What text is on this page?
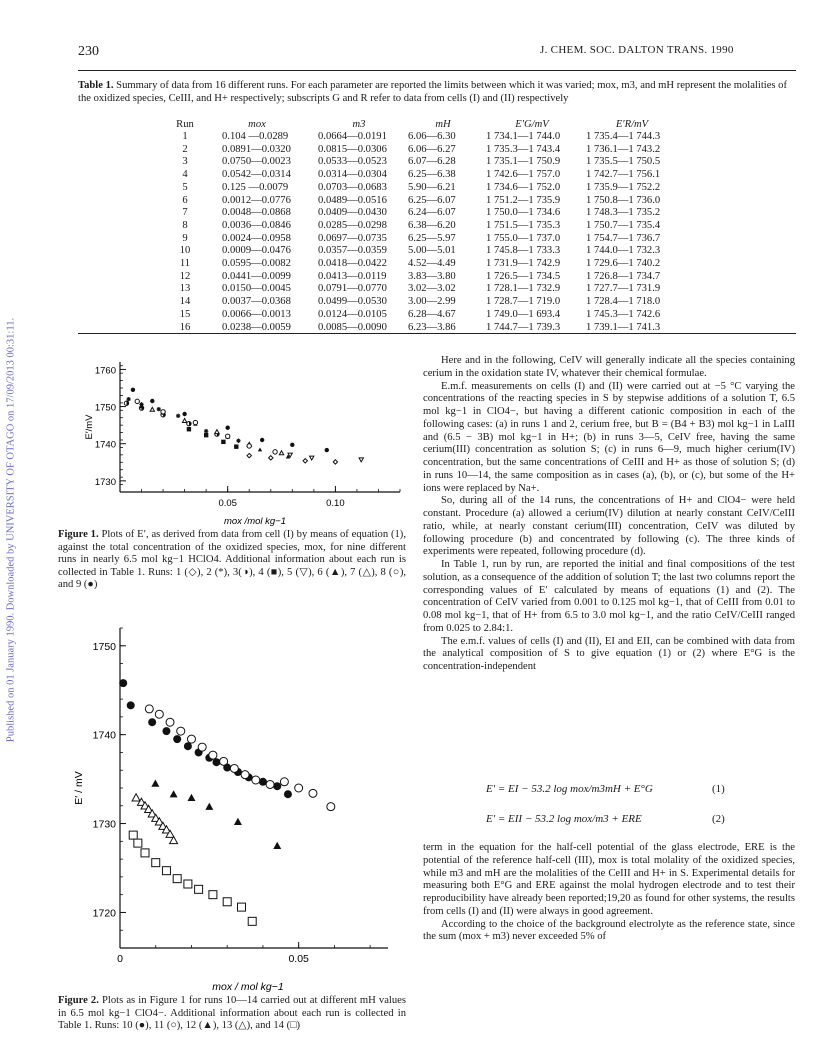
Published on 01 January 1990. Downloaded by UNIVERSITY OF OTAGO on 17/09/2013 00:31:11.
230	J. CHEM. SOC. DALTON TRANS. 1990
Table 1. Summary of data from 16 different runs. For each parameter are reported the limits between which it was varied; mox, m3, and mH represent the molalities of the oxidized species, CeIII, and H+ respectively; subscripts G and R refer to data from cells (I) and (II) respectively
Run	mox	m3	mH	E′G/mV	E′R/mV
1	0.104 —0.0289	0.0664—0.0191	6.06—6.30	1 734.1—1 744.0	1 735.4—1 744.3
2	0.0891—0.0320	0.0815—0.0306	6.06—6.27	1 735.3—1 743.4	1 736.1—1 743.2
3	0.0750—0.0023	0.0533—0.0523	6.07—6.28	1 735.1—1 750.9	1 735.5—1 750.5
4	0.0542—0.0314	0.0314—0.0304	6.25—6.38	1 742.6—1 757.0	1 742.7—1 756.1
5	0.125 —0.0079	0.0703—0.0683	5.90—6.21	1 734.6—1 752.0	1 735.9—1 752.2
6	0.0012—0.0776	0.0489—0.0516	6.25—6.07	1 751.2—1 735.9	1 750.8—1 736.0
7	0.0048—0.0868	0.0409—0.0430	6.24—6.07	1 750.0—1 734.6	1 748.3—1 735.2
8	0.0036—0.0846	0.0285—0.0298	6.38—6.20	1 751.5—1 735.3	1 750.7—1 735.4
9	0.0024—0.0958	0.0697—0.0735	6.25—5.97	1 755.0—1 737.0	1 754.7—1 736.7
10	0.0009—0.0476	0.0357—0.0359	5.00—5.01	1 745.8—1 733.3	1 744.0—1 732.3
11	0.0595—0.0082	0.0418—0.0422	4.52—4.49	1 731.9—1 742.9	1 729.6—1 740.2
12	0.0441—0.0099	0.0413—0.0119	3.83—3.80	1 726.5—1 734.5	1 726.8—1 734.7
13	0.0150—0.0045	0.0791—0.0770	3.02—3.02	1 728.1—1 732.9	1 727.7—1 731.9
14	0.0037—0.0368	0.0499—0.0530	3.00—2.99	1 728.7—1 719.0	1 728.4—1 718.0
15	0.0066—0.0013	0.0124—0.0105	6.28—4.67	1 749.0—1 693.4	1 745.3—1 742.6
16	0.0238—0.0059	0.0085—0.0090	6.23—3.86	1 744.7—1 739.3	1 739.1—1 741.3
1760
1750
1740
1730
0.05	0.10
E′/mV
mox /mol kg−1
Figure 1. Plots of E′, as derived from data from cell (I) by means of equation (1), against the total concentration of the oxidized species, mox, for nine different runs in nearly 6.5 mol kg−1 HClO4. Additional information about each run is collected in Table 1. Runs: 1 (◇), 2 (*), 3(◑), 4 (■), 5 (▽), 6 (▲), 7 (△), 8 (○), and 9 (●)
1750
1740
1730
1720
0	0.05
E′ / mV
mox / mol kg−1
Figure 2. Plots as in Figure 1 for runs 10—14 carried out at different mH values in 6.5 mol kg−1 ClO4−. Additional information about each run is collected in Table 1. Runs: 10 (●), 11 (○), 12 (▲), 13 (△), and 14 (□)

Here and in the following, CeIV will generally indicate all the species containing cerium in the oxidation state IV, whatever their chemical formulae.

E.m.f. measurements on cells (I) and (II) were carried out at −5 °C varying the concentrations of the reacting species in S by stepwise additions of a solution T, 6.5 mol kg−1 in ClO4−, but having a different cationic composition in each of the following cases: (a) in runs 1 and 2, cerium free, but B = (B4 + B3) mol kg−1 in LaIII and (6.5 − 3B) mol kg−1 in H+; (b) in runs 3—5, CeIV free, having the same cerium(III) concentration as solution S; (c) in runs 6—9, much higher cerium(IV) concentration, but the same concentrations of CeIII and H+ as those of solution S; (d) in runs 10—14, the same composition as in cases (a), (b), or (c), but some of the H+ ions were replaced by Na+.

So, during all of the 14 runs, the concentrations of H+ and ClO4− were held constant. Procedure (a) allowed a cerium(IV) dilution at nearly constant CeIV/CeIII ratio, while, at nearly constant cerium(III) concentration, CeIV was diluted by following procedure (b) and concentrated by following (c). The three kinds of experiments were repeated, following procedure (d).

In Table 1, run by run, are reported the initial and final compositions of the test solution, as a consequence of the addition of solution T; the last two columns report the corresponding values of E′ calculated by means of equations (1) and (2). The concentration of CeIV varied from 0.001 to 0.125 mol kg−1, that of CeIII from 0.01 to 0.08 mol kg−1, that of H+ from 6.5 to 3.0 mol kg−1, and the ratio CeIV/CeIII ranged from 0.025 to 2.84:1.

The e.m.f. values of cells (I) and (II), EI and EII, can be combined with data from the analytical composition of S to give equation (1) or (2) where E°G is the concentration-independent

E′ = EI − 53.2 log mox/m3mH + E°G	(1)
E′ = EII − 53.2 log mox/m3 + ERE	(2)

term in the equation for the half-cell potential of the glass electrode, ERE is the potential of the reference half-cell (III), mox is total molality of the oxidized species, while m3 and mH are the molalities of the CeIII and H+ in S. Experimental details for measuring both E°G and ERE against the molal hydrogen electrode and to test their reproducibility have already been reported;19,20 as found for other systems, the results from cells (I) and (II) were always in good agreement.

According to the choice of the background electrolyte as the reference state, since the sum (mox + m3) never exceeded 5% of
